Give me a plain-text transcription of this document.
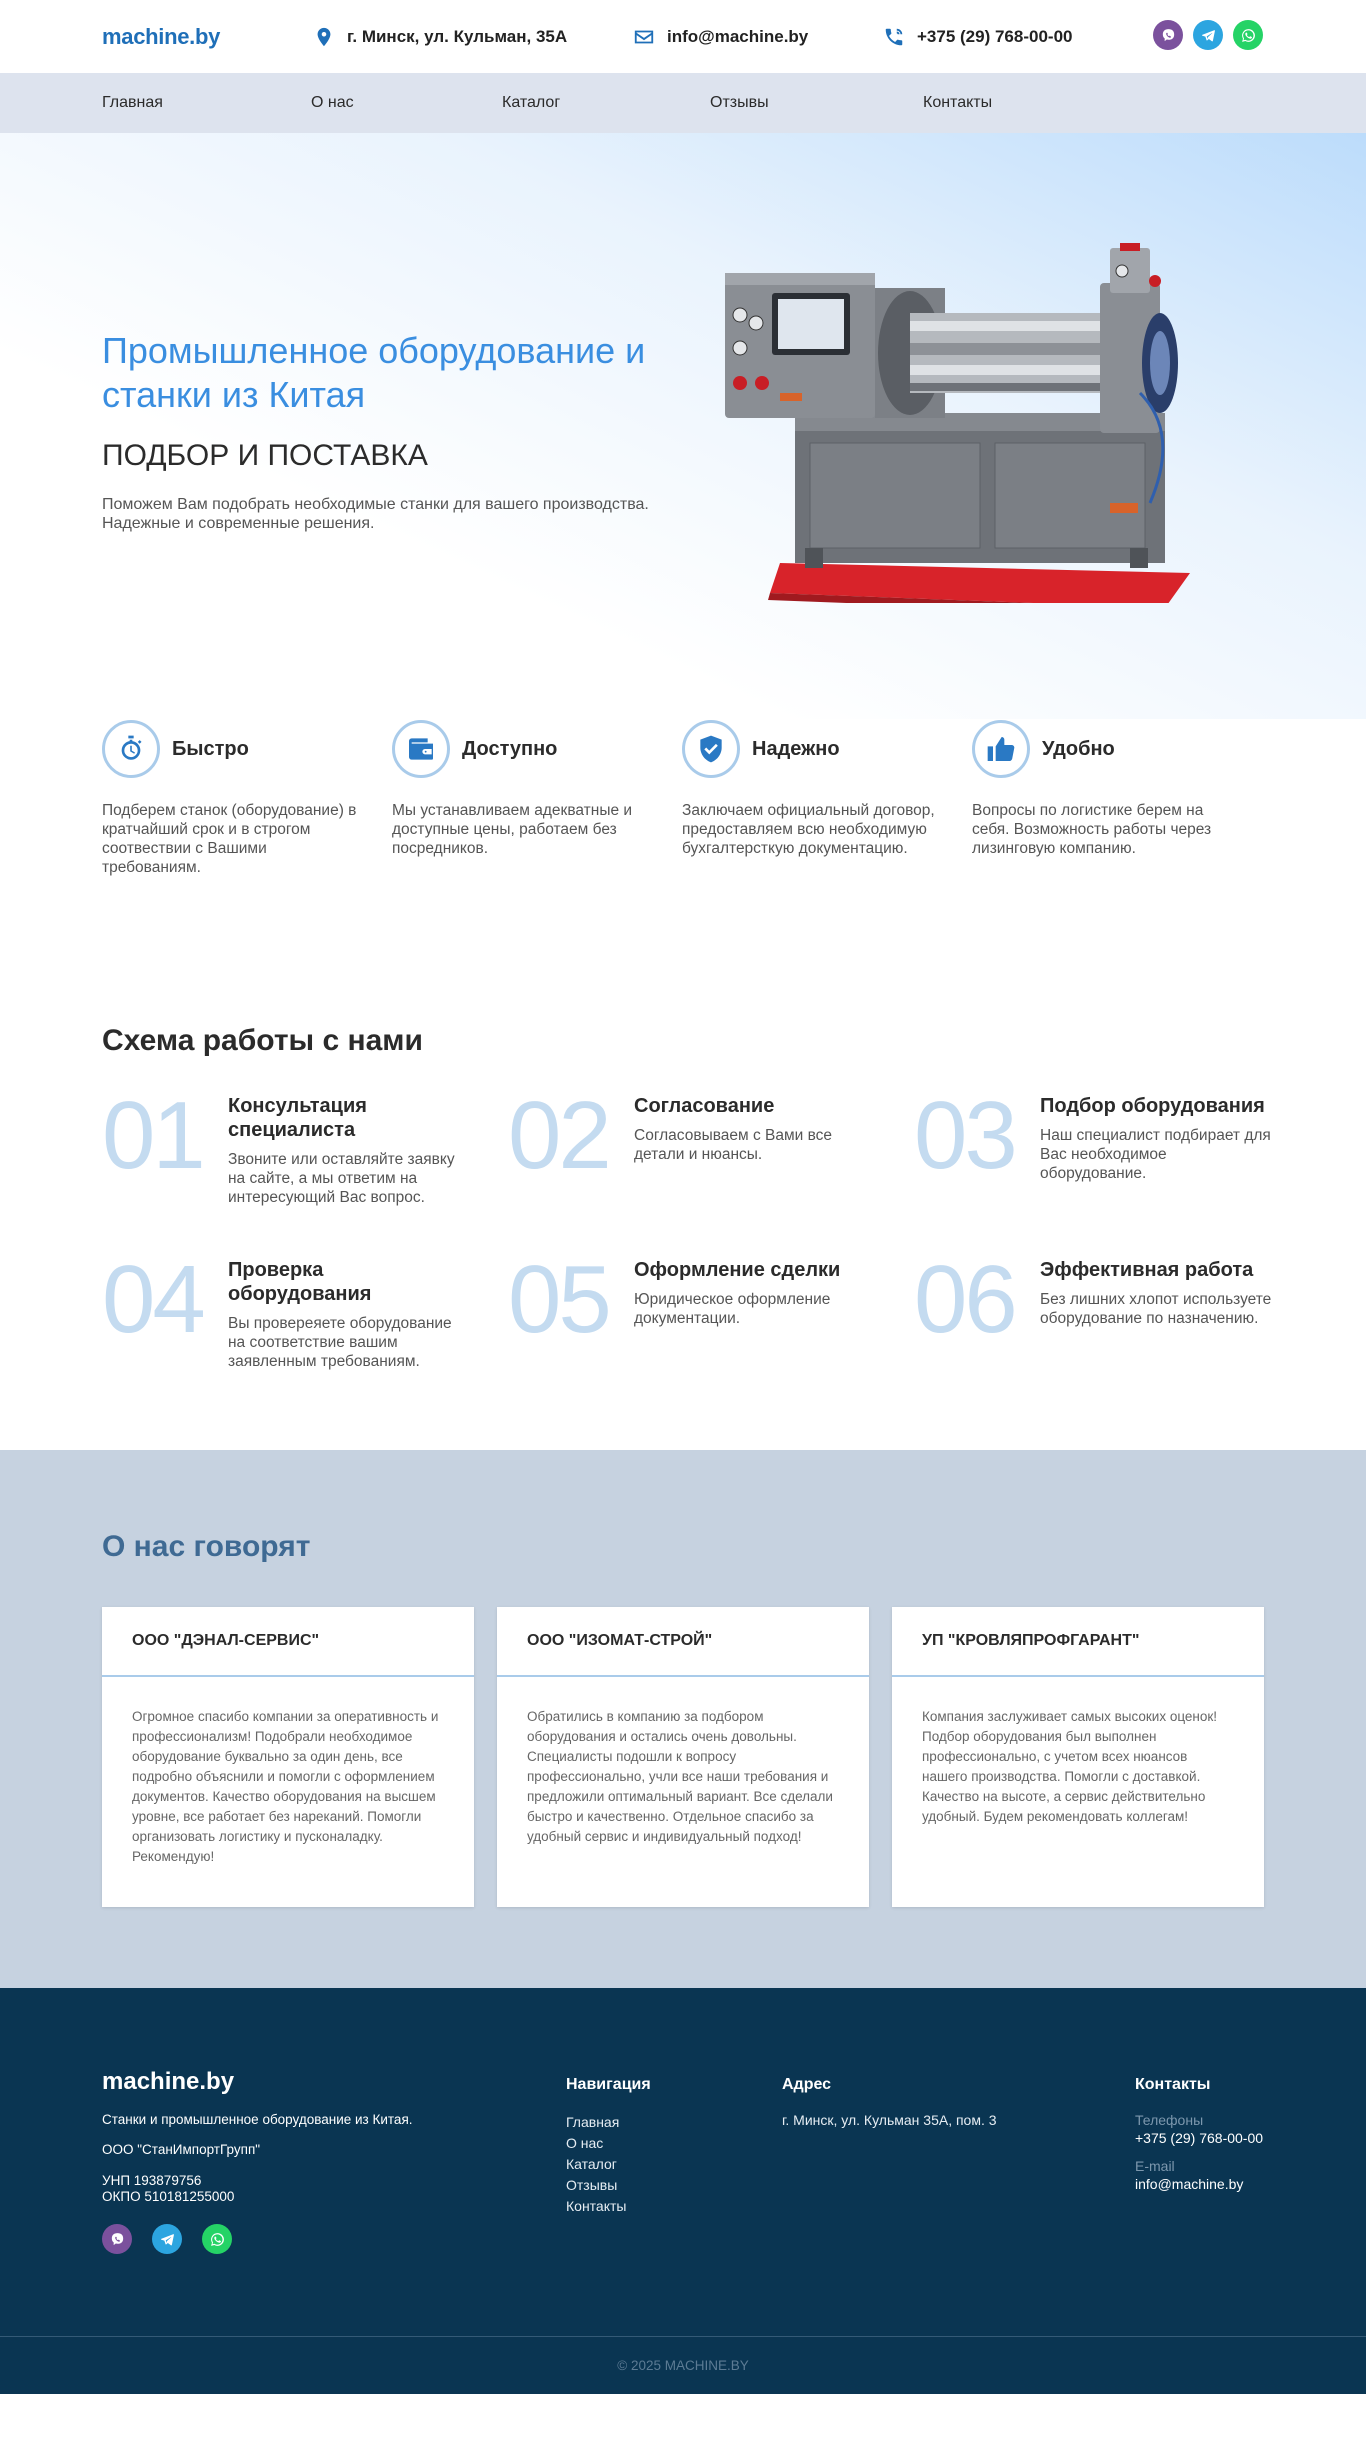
machine.by	г. Минск, ул. Кульман, 35А	info@machine.by	+375 (29) 768-00-00
Главная	О нас	Каталог	Отзывы	Контакты
Промышленное оборудование и станки из Китая
ПОДБОР И ПОСТАВКА

Поможем Вам подобрать необходимые станки для вашего производства. Надежные и современные решения.

Быстро
Подберем станок (оборудование) в кратчайший срок и в строгом соотвествии с Вашими требованиям.
Доступно
Мы устанавливаем адекватные и доступные цены, работаем без посредников.
Надежно
Заключаем официальный договор, предоставляем всю необходимую бухгалтерсткую документацию.
Удобно
Вопросы по логистике берем на себя. Возможность работы через лизинговую компанию.
Схема работы с нами
01 Консультация специалиста
Звоните или оставляйте заявку на сайте, а мы ответим на интересующий Вас вопрос.
02 Согласование
Согласовываем с Вами все детали и нюансы.	03 Подбор оборудования
Наш специалист подбирает для Вас необходимое оборудование.
04 Проверка оборудования
Вы провереяете оборудование на соответствие вашим заявленным требованиям.
05 Оформление сделки
Юридическое оформление документации.	06 Эффективная работа
Без лишних хлопот используете оборудование по назначению.
О нас говорят
ООО "ДЭНАЛ-СЕРВИС"
Огромное спасибо компании за оперативность и профессионализм! Подобрали необходимое оборудование буквально за один день, все подробно объяснили и помогли с оформлением документов. Качество оборудования на высшем уровне, все работает без нареканий. Помогли организовать логистику и пусконаладку. Рекомендую!
ООО "ИЗОМАТ-СТРОЙ"
Обратились в компанию за подбором оборудования и остались очень довольны. Специалисты подошли к вопросу профессионально, учли все наши требования и предложили оптимальный вариант. Все сделали быстро и качественно. Отдельное спасибо за удобный сервис и индивидуальный подход!
УП "КРОВЛЯПРОФГАРАНТ"
Компания заслуживает самых высоких оценок! Подбор оборудования был выполнен профессионально, с учетом всех нюансов нашего производства. Помогли с доставкой. Качество на высоте, а сервис действительно удобный. Будем рекомендовать коллегам!
machine.by
Станки и промышленное оборудование из Китая.
ООО "СтанИмпортГрупп"
УНП 193879756
ОКПО 510181255000
Навигация
Главная
О нас
Каталог
Отзывы
Контакты
Адрес
г. Минск, ул. Кульман 35А, пом. 3
Контакты
Телефоны
+375 (29) 768-00-00
E-mail
info@machine.by
© 2025 MACHINE.BY
